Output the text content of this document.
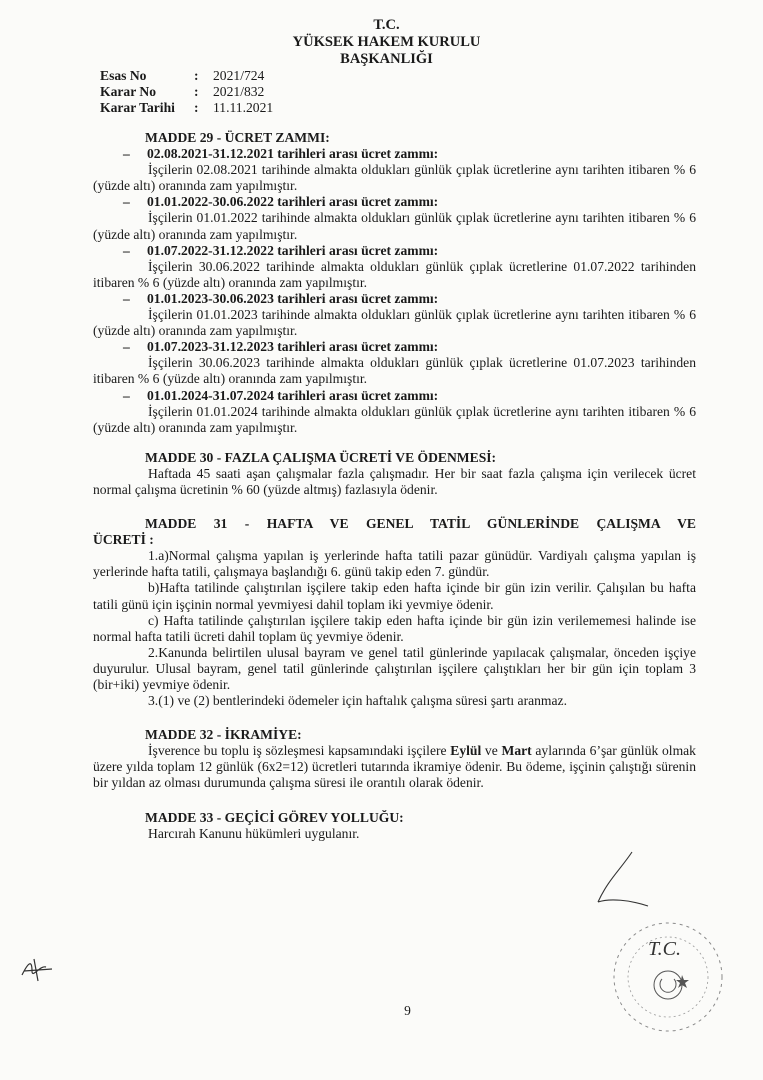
T.C.
YÜKSEK HAKEM KURULU
BAŞKANLIĞI
Esas No	:	2021/724
Karar No	:	2021/832
Karar Tarihi	:	11.11.2021
MADDE 29 - ÜCRET ZAMMI:
–	02.08.2021-31.12.2021 tarihleri arası ücret zammı:

İşçilerin 02.08.2021 tarihinde almakta oldukları günlük çıplak ücretlerine aynı tarihten itibaren % 6 (yüzde altı) oranında zam yapılmıştır.

–	01.01.2022-30.06.2022 tarihleri arası ücret zammı:

İşçilerin 01.01.2022 tarihinde almakta oldukları günlük çıplak ücretlerine aynı tarihten itibaren % 6 (yüzde altı) oranında zam yapılmıştır.

–	01.07.2022-31.12.2022 tarihleri arası ücret zammı:

İşçilerin 30.06.2022 tarihinde almakta oldukları günlük çıplak ücretlerine 01.07.2022 tarihinden itibaren % 6 (yüzde altı) oranında zam yapılmıştır.

–	01.01.2023-30.06.2023 tarihleri arası ücret zammı:

İşçilerin 01.01.2023 tarihinde almakta oldukları günlük çıplak ücretlerine aynı tarihten itibaren % 6 (yüzde altı) oranında zam yapılmıştır.

–	01.07.2023-31.12.2023 tarihleri arası ücret zammı:

İşçilerin 30.06.2023 tarihinde almakta oldukları günlük çıplak ücretlerine 01.07.2023 tarihinden itibaren % 6 (yüzde altı) oranında zam yapılmıştır.

–	01.01.2024-31.07.2024 tarihleri arası ücret zammı:

İşçilerin 01.01.2024 tarihinde almakta oldukları günlük çıplak ücretlerine aynı tarihten itibaren % 6 (yüzde altı) oranında zam yapılmıştır.

MADDE 30 - FAZLA ÇALIŞMA ÜCRETİ VE ÖDENMESİ:

Haftada 45 saati aşan çalışmalar fazla çalışmadır. Her bir saat fazla çalışma için verilecek ücret normal çalışma ücretinin % 60 (yüzde altmış) fazlasıyla ödenir.

MADDE 31 - HAFTA VE GENEL TATİL GÜNLERİNDE ÇALIŞMA VE
ÜCRETİ :

1.a)Normal çalışma yapılan iş yerlerinde hafta tatili pazar günüdür. Vardiyalı çalışma yapılan iş yerlerinde hafta tatili, çalışmaya başlandığı 6. günü takip eden 7. gündür.

b)Hafta tatilinde çalıştırılan işçilere takip eden hafta içinde bir gün izin verilir. Çalışılan bu hafta tatili günü için işçinin normal yevmiyesi dahil toplam iki yevmiye ödenir.

c) Hafta tatilinde çalıştırılan işçilere takip eden hafta içinde bir gün izin verilememesi halinde ise normal hafta tatili ücreti dahil toplam üç yevmiye ödenir.

2.Kanunda belirtilen ulusal bayram ve genel tatil günlerinde yapılacak çalışmalar, önceden işçiye duyurulur. Ulusal bayram, genel tatil günlerinde çalıştırılan işçilere çalıştıkları her bir gün için toplam 3 (bir+iki) yevmiye ödenir.

3.(1) ve (2) bentlerindeki ödemeler için haftalık çalışma süresi şartı aranmaz.

MADDE 32 - İKRAMİYE:

İşverence bu toplu iş sözleşmesi kapsamındaki işçilere Eylül ve Mart aylarında 6’şar günlük olmak üzere yılda toplam 12 günlük (6x2=12) ücretleri tutarında ikramiye ödenir. Bu ödeme, işçinin çalıştığı sürenin bir yıldan az olması durumunda çalışma süresi ile orantılı olarak ödenir.

MADDE 33 - GEÇİCİ GÖREV YOLLUĞU:

Harcırah Kanunu hükümleri uygulanır.

T.C.
9
